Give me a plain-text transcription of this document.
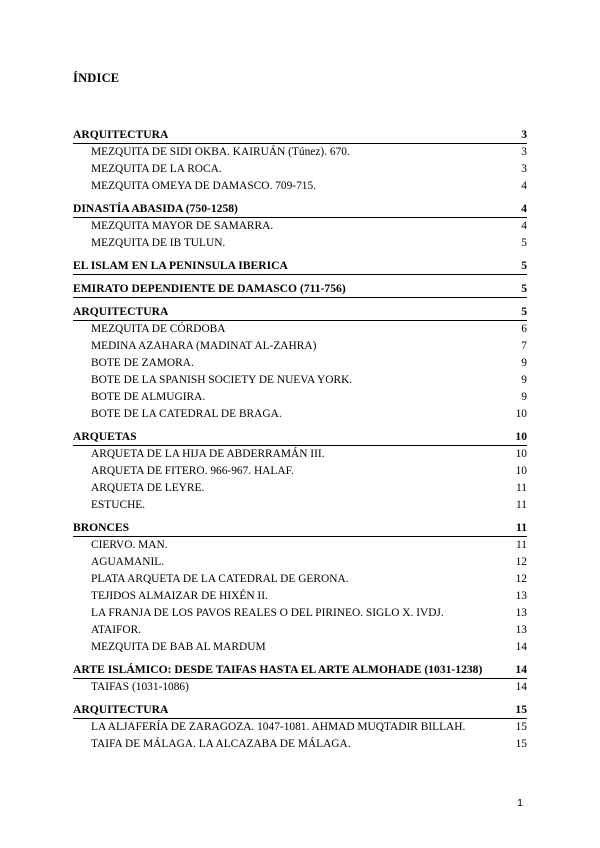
ÍNDICE
ARQUITECTURA	3
MEZQUITA DE SIDI OKBA. KAIRUÁN (Túnez). 670.	3
MEZQUITA DE LA ROCA.	3
MEZQUITA OMEYA DE DAMASCO. 709-715.	4
DINASTÍA ABASIDA (750-1258)	4
MEZQUITA MAYOR DE SAMARRA.	4
MEZQUITA DE IB TULUN.	5
EL ISLAM EN LA PENINSULA IBERICA	5
EMIRATO DEPENDIENTE DE DAMASCO (711-756)	5
ARQUITECTURA	5
MEZQUITA DE CÓRDOBA	6
MEDINA AZAHARA (MADINAT AL-ZAHRA)	7
BOTE DE ZAMORA.	9
BOTE DE LA SPANISH SOCIETY DE NUEVA YORK.	9
BOTE DE ALMUGIRA.	9
BOTE DE LA CATEDRAL DE BRAGA.	10
ARQUETAS	10
ARQUETA DE LA HIJA DE ABDERRAMÁN III.	10
ARQUETA DE FITERO. 966-967. HALAF.	10
ARQUETA DE LEYRE.	11
ESTUCHE.	11
BRONCES	11
CIERVO. MAN.	11
AGUAMANIL.	12
PLATA ARQUETA DE LA CATEDRAL DE GERONA.	12
TEJIDOS ALMAIZAR DE HIXÉN II.	13
LA FRANJA DE LOS PAVOS REALES O DEL PIRINEO. SIGLO X. IVDJ.	13
ATAIFOR.	13
MEZQUITA DE BAB AL MARDUM	14
ARTE ISLÁMICO: DESDE TAIFAS HASTA EL ARTE ALMOHADE (1031-1238)	14
TAIFAS (1031-1086)	14
ARQUITECTURA	15
LA ALJAFERÍA DE ZARAGOZA. 1047-1081. AHMAD MUQTADIR BILLAH.	15
TAIFA DE MÁLAGA. LA ALCAZABA DE MÁLAGA.	15
1
